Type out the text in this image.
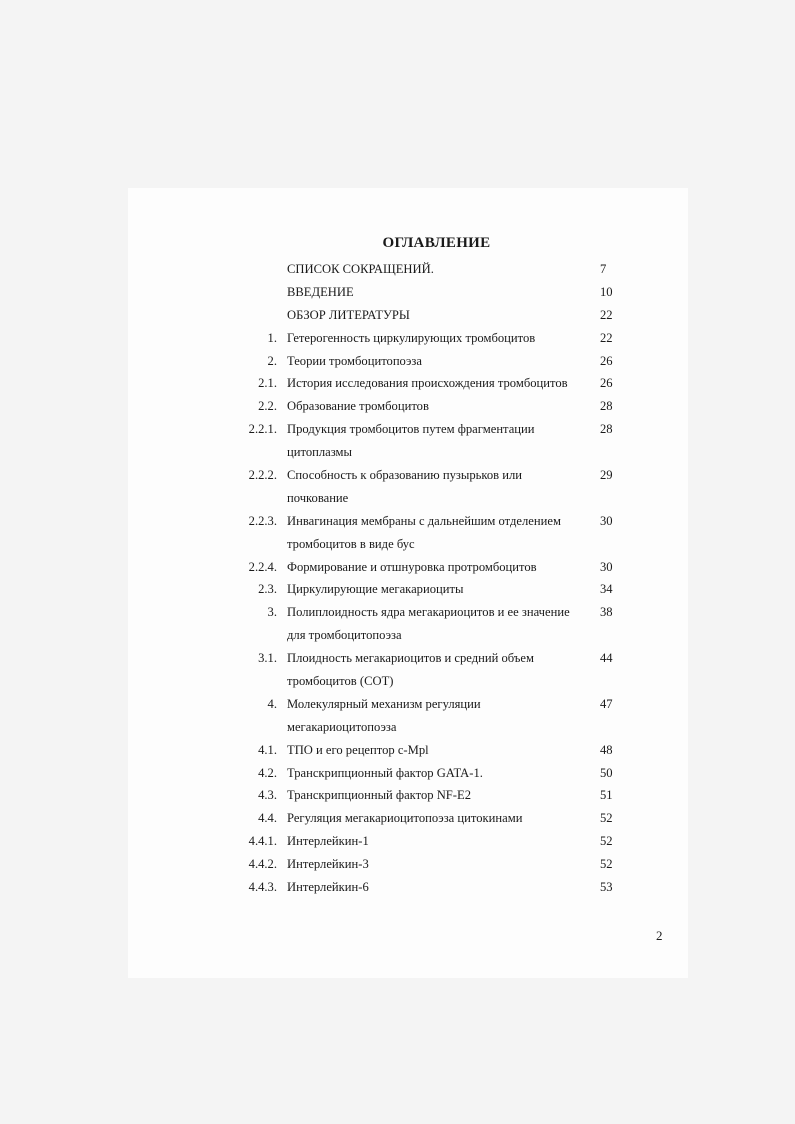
ОГЛАВЛЕНИЕ
СПИСОК СОКРАЩЕНИЙ.	7
ВВЕДЕНИЕ	10
ОБЗОР ЛИТЕРАТУРЫ	22
1. Гетерогенность циркулирующих тромбоцитов	22
2. Теории тромбоцитопоэза	26
2.1. История исследования происхождения тромбоцитов	26
2.2. Образование тромбоцитов	28
2.2.1. Продукция тромбоцитов путем фрагментации	28
цитоплазмы
2.2.2. Способность к образованию пузырьков или	29
почкование
2.2.3. Инвагинация мембраны с дальнейшим отделением	30
тромбоцитов в виде бус
2.2.4. Формирование и отшнуровка протромбоцитов	30
2.3. Циркулирующие мегакариоциты	34
3. Полиплоидность ядра мегакариоцитов и ее значение 38
для тромбоцитопоэза
3.1. Плоидность мегакариоцитов и средний объем	44
тромбоцитов (СОТ)
4. Молекулярный механизм регуляции	47
мегакариоцитопоэза
4.1. ТПО и его рецептор с-Mpl	48
4.2. Транскрипционный фактор GATA-1.	50
4.3. Транскрипционный фактор NF-E2	51
4.4. Регуляция мегакариоцитопоэза цитокинами	52
4.4.1. Интерлейкин-1	52
4.4.2. Интерлейкин-3	52
4.4.3. Интерлейкин-6	53
2
